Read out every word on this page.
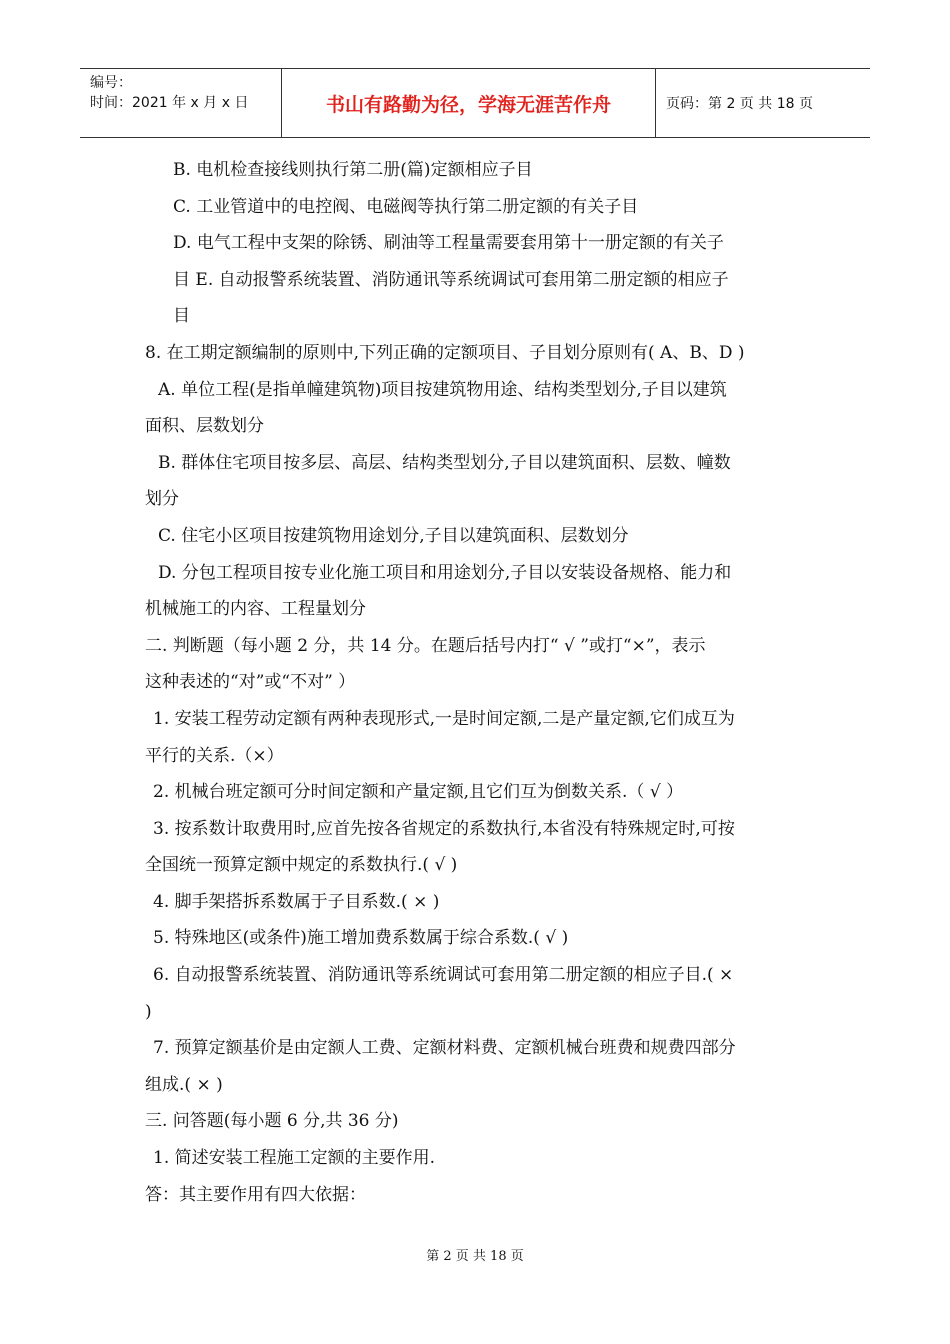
编号：
时间：2021 年 x 月 x 日	书山有路勤为径，学海无涯苦作舟	页码：第 2 页 共 18 页
B. 电机检查接线则执行第二册(篇)定额相应子目
C. 工业管道中的电控阀、电磁阀等执行第二册定额的有关子目
D. 电气工程中支架的除锈、刷油等工程量需要套用第十一册定额的有关子
目 E. 自动报警系统装置、消防通讯等系统调试可套用第二册定额的相应子
目
8. 在工期定额编制的原则中,下列正确的定额项目、子目划分原则有( A、B、D )
A. 单位工程(是指单幢建筑物)项目按建筑物用途、结构类型划分,子目以建筑
面积、层数划分
B. 群体住宅项目按多层、高层、结构类型划分,子目以建筑面积、层数、幢数
划分
C. 住宅小区项目按建筑物用途划分,子目以建筑面积、层数划分
D. 分包工程项目按专业化施工项目和用途划分,子目以安装设备规格、能力和
机械施工的内容、工程量划分
二. 判断题（每小题 2 分，共 14 分。在题后括号内打“ √ ”或打“×”，表示
这种表述的“对”或“不对” ）
1. 安装工程劳动定额有两种表现形式,一是时间定额,二是产量定额,它们成互为
平行的关系.（×）
2. 机械台班定额可分时间定额和产量定额,且它们互为倒数关系.（ √ ）
3. 按系数计取费用时,应首先按各省规定的系数执行,本省没有特殊规定时,可按
全国统一预算定额中规定的系数执行.( √ )
4. 脚手架搭拆系数属于子目系数.( × )
5. 特殊地区(或条件)施工增加费系数属于综合系数.( √ )
6. 自动报警系统装置、消防通讯等系统调试可套用第二册定额的相应子目.( ×
)
7. 预算定额基价是由定额人工费、定额材料费、定额机械台班费和规费四部分
组成.( × )
三. 问答题(每小题 6 分,共 36 分)
1. 简述安装工程施工定额的主要作用.
答：其主要作用有四大依据：
第 2 页 共 18 页
